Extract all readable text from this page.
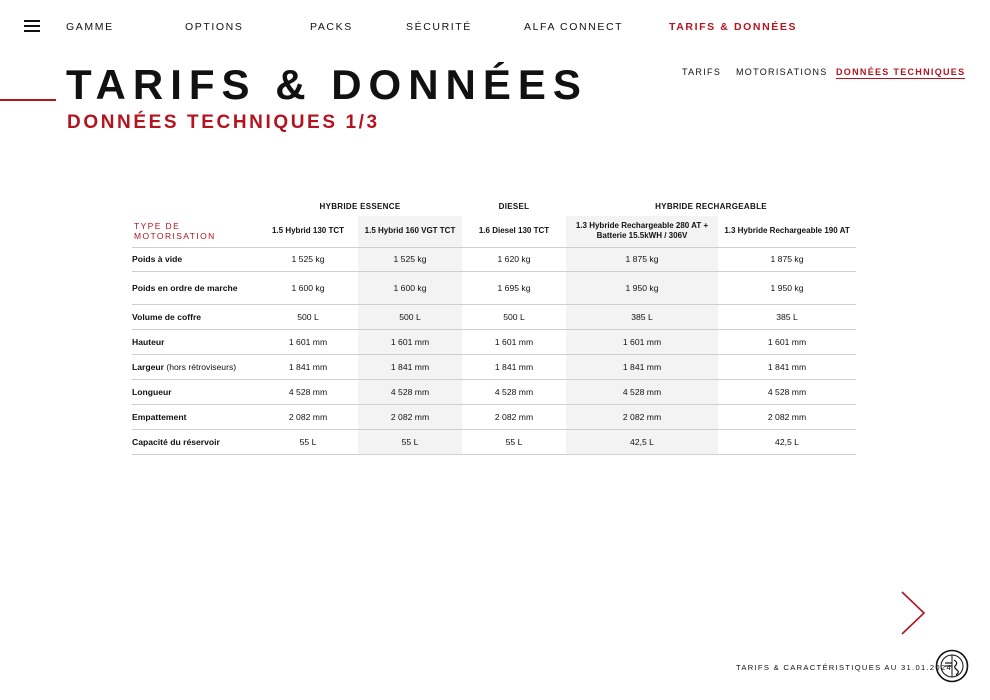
GAMME	OPTIONS	PACKS	SÉCURITÉ	ALFA CONNECT	TARIFS & DONNÉES
TARIFS MOTORISATIONS DONNÉES TECHNIQUES
TARIFS & DONNÉES
DONNÉES TECHNIQUES 1/3
	HYBRIDE ESSENCE		DIESEL	HYBRIDE RECHARGEABLE	
TYPE DE MOTORISATION	1.5 Hybrid 130 TCT	1.5 Hybrid 160 VGT TCT	1.6 Diesel 130 TCT	1.3 Hybride Rechargeable 280 AT + Batterie 15.5kWH / 306V	1.3 Hybride Rechargeable 190 AT
Poids à vide	1 525 kg	1 525 kg	1 620 kg	1 875 kg	1 875 kg
Poids en ordre de marche	1 600 kg	1 600 kg	1 695 kg	1 950 kg	1 950 kg
Volume de coffre	500 L	500 L	500 L	385 L	385 L
Hauteur	1 601 mm	1 601 mm	1 601 mm	1 601 mm	1 601 mm
Largeur (hors rétroviseurs)	1 841 mm	1 841 mm	1 841 mm	1 841 mm	1 841 mm
Longueur	4 528 mm	4 528 mm	4 528 mm	4 528 mm	4 528 mm
Empattement	2 082 mm	2 082 mm	2 082 mm	2 082 mm	2 082 mm
Capacité du réservoir	55 L	55 L	55 L	42,5 L	42,5 L
TARIFS & CARACTÉRISTIQUES AU 31.01.2024
